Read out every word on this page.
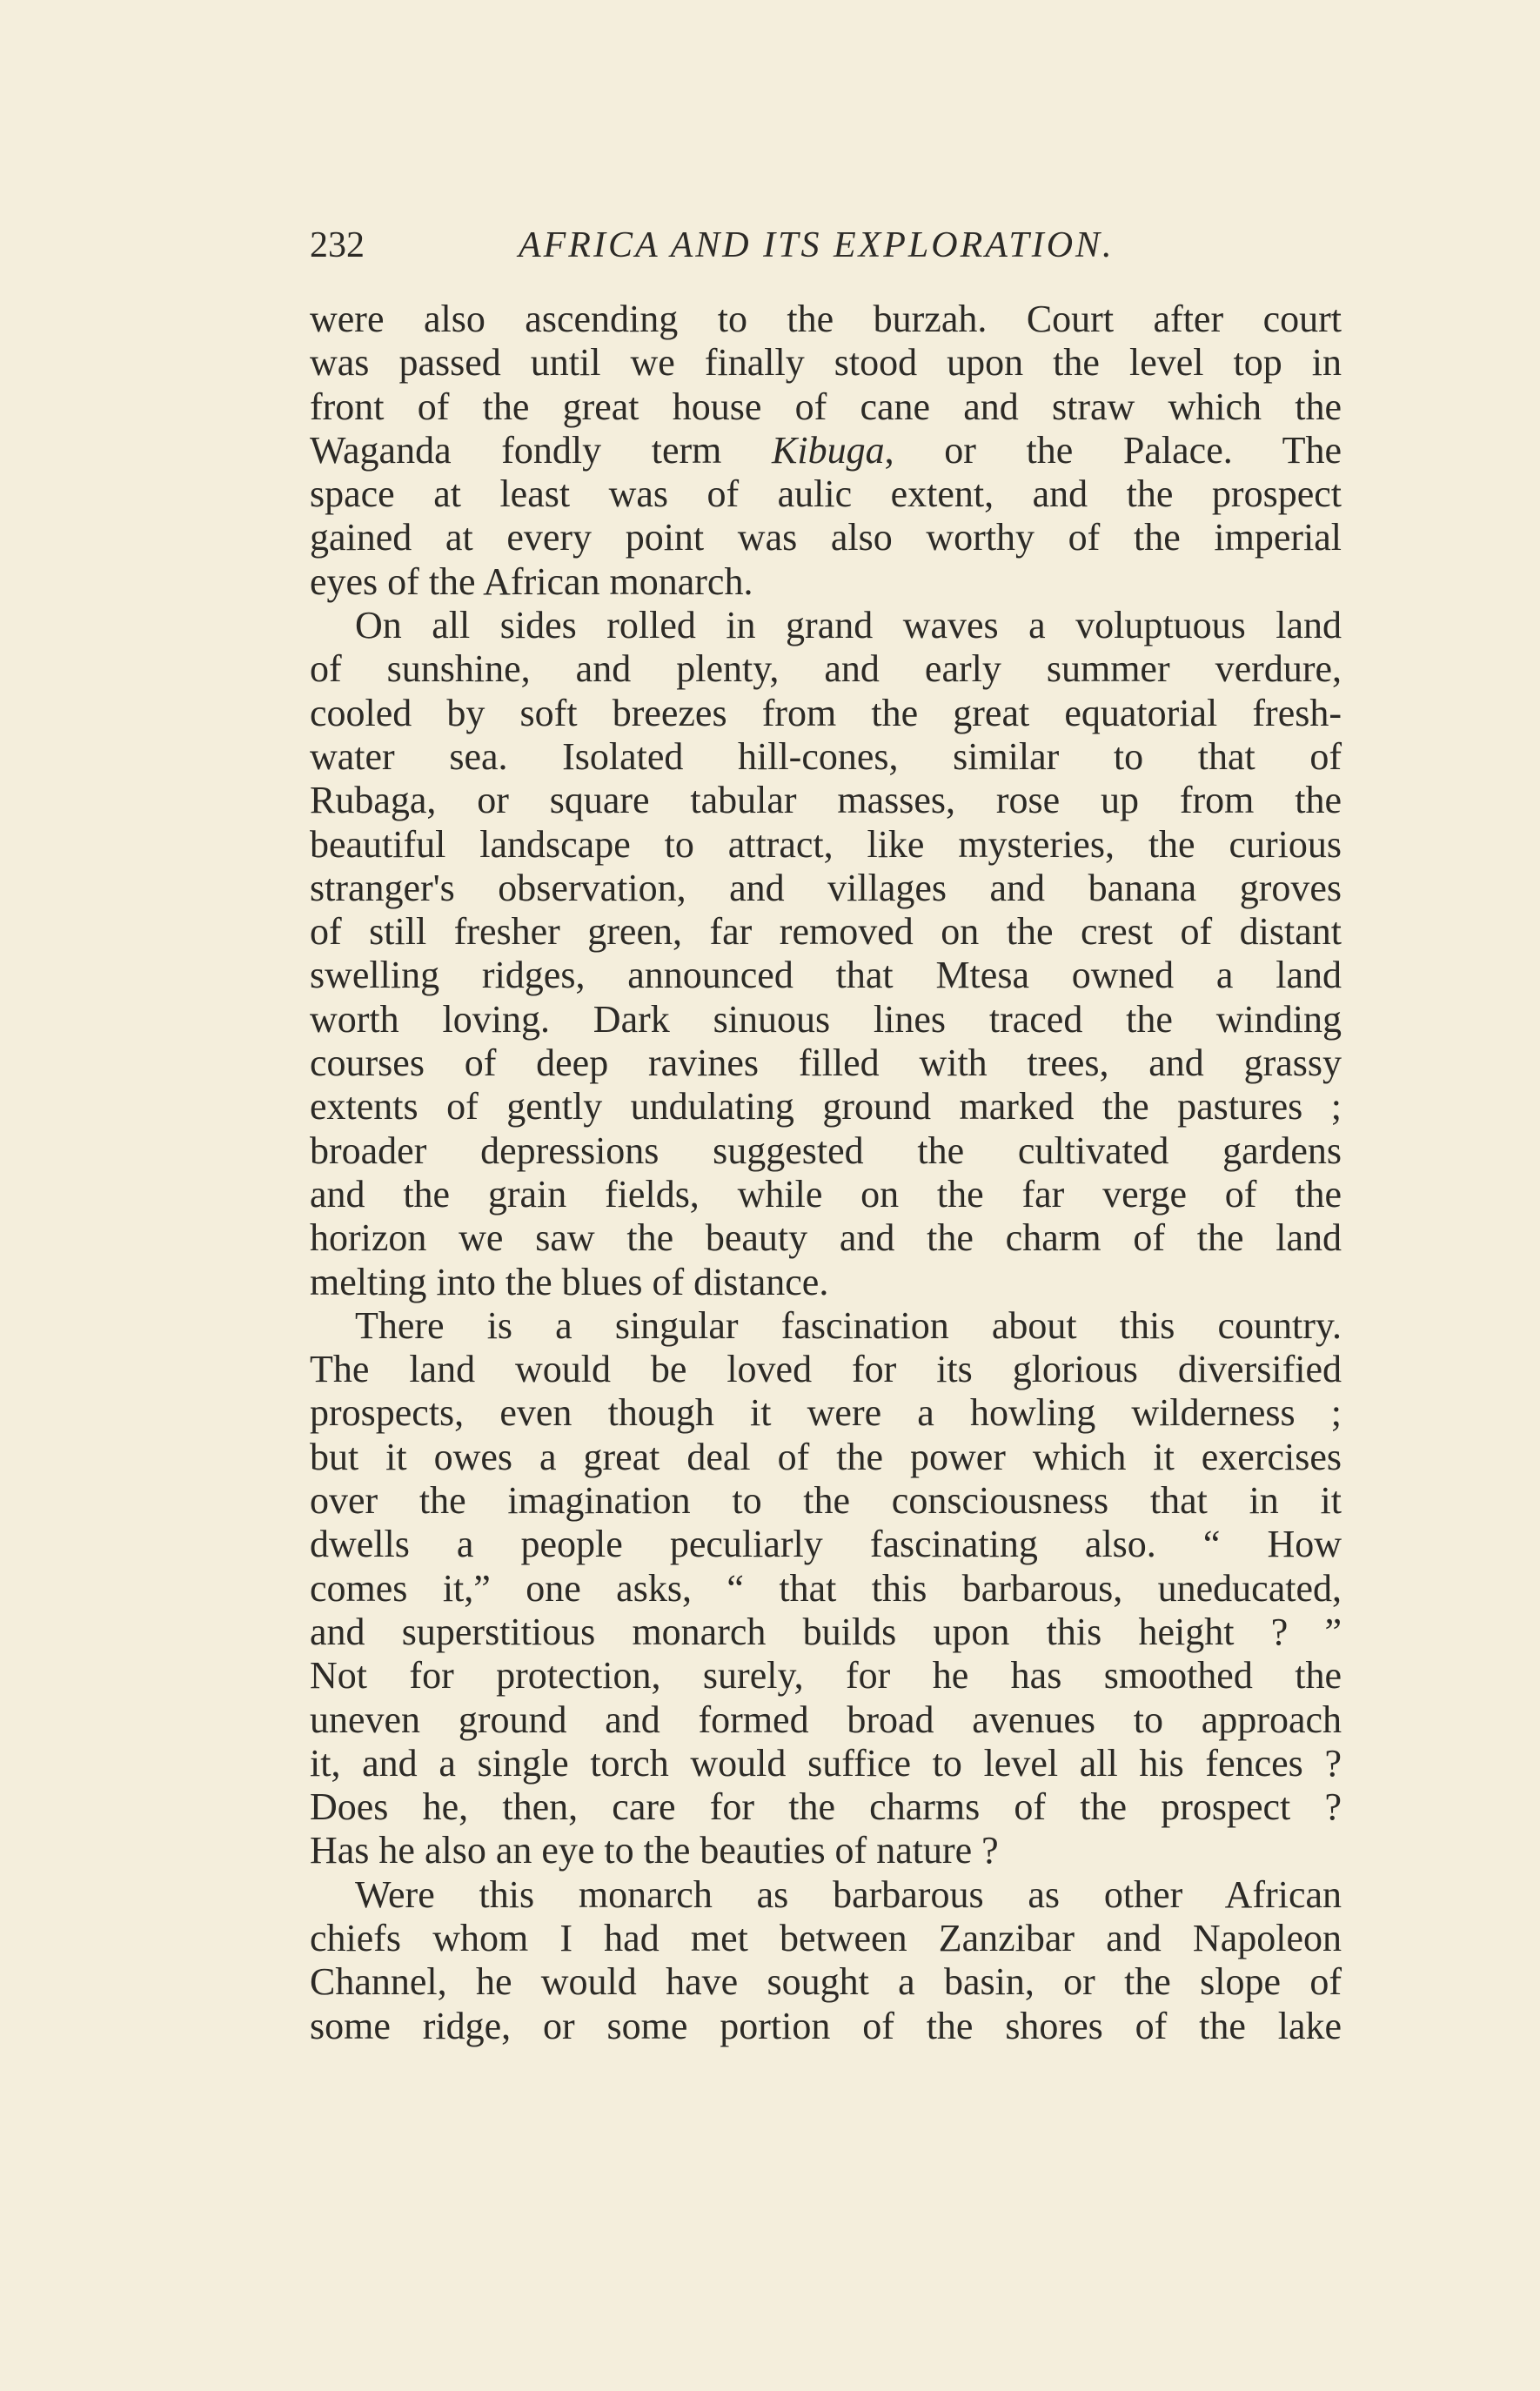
232	AFRICA AND ITS EXPLORATION.
were also ascending to the burzah. Court after court
was passed until we finally stood upon the level top in
front of the great house of cane and straw which the
Waganda fondly term Kibuga, or the Palace. The
space at least was of aulic extent, and the prospect
gained at every point was also worthy of the imperial
eyes of the African monarch.
On all sides rolled in grand waves a voluptuous land
of sunshine, and plenty, and early summer verdure,
cooled by soft breezes from the great equatorial fresh-
water sea. Isolated hill-cones, similar to that of
Rubaga, or square tabular masses, rose up from the
beautiful landscape to attract, like mysteries, the curious
stranger's observation, and villages and banana groves
of still fresher green, far removed on the crest of distant
swelling ridges, announced that Mtesa owned a land
worth loving. Dark sinuous lines traced the winding
courses of deep ravines filled with trees, and grassy
extents of gently undulating ground marked the pastures ;
broader depressions suggested the cultivated gardens
and the grain fields, while on the far verge of the
horizon we saw the beauty and the charm of the land
melting into the blues of distance.
There is a singular fascination about this country.
The land would be loved for its glorious diversified
prospects, even though it were a howling wilderness ;
but it owes a great deal of the power which it exercises
over the imagination to the consciousness that in it
dwells a people peculiarly fascinating also. “ How
comes it,” one asks, “ that this barbarous, uneducated,
and superstitious monarch builds upon this height ? ”
Not for protection, surely, for he has smoothed the
uneven ground and formed broad avenues to approach
it, and a single torch would suffice to level all his fences ?
Does he, then, care for the charms of the prospect ?
Has he also an eye to the beauties of nature ?
Were this monarch as barbarous as other African
chiefs whom I had met between Zanzibar and Napoleon
Channel, he would have sought a basin, or the slope of
some ridge, or some portion of the shores of the lake
